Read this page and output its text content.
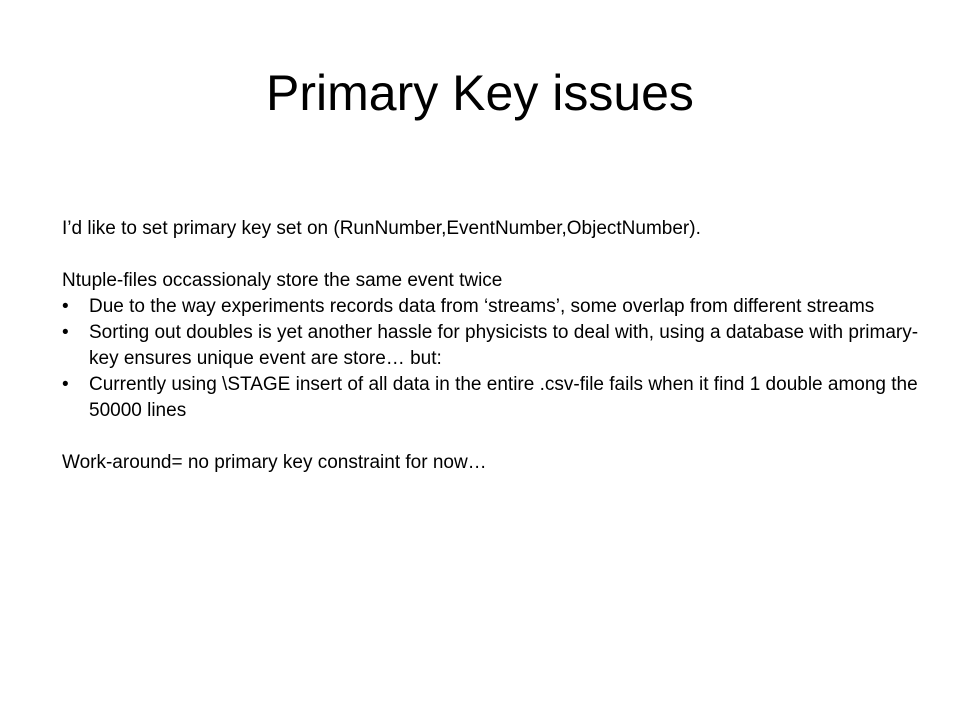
Primary Key issues

I’d like to set primary key set on (RunNumber,EventNumber,ObjectNumber).

Ntuple-files occassionaly store the same event twice

•	Due to the way experiments records data from ‘streams’, some overlap from different streams
•	Sorting out doubles is yet another hassle for physicists to deal with, using a database with primary-key ensures unique event are store… but:
•	Currently using \STAGE insert of all data in the entire .csv-file fails when it find 1 double among the 50000 lines

Work-around= no primary key constraint for now…
